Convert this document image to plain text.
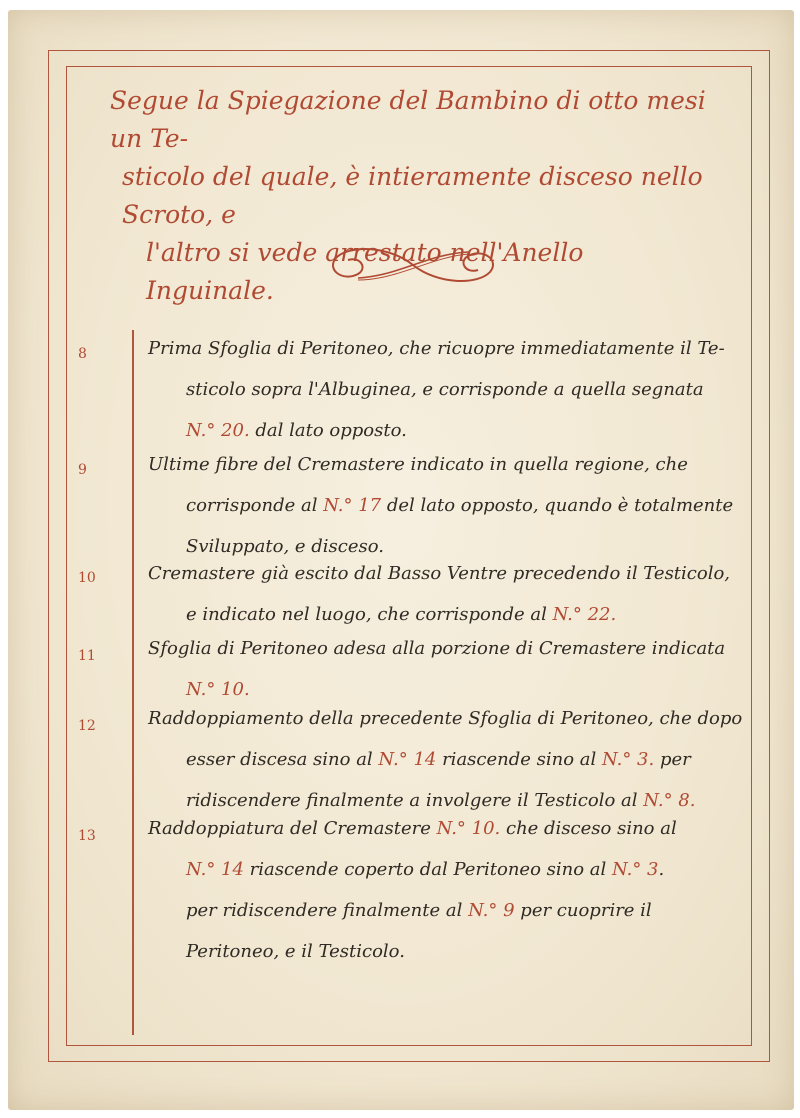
Segue la Spiegazione del Bambino di otto mesi un Te-
sticolo del quale, è intieramente disceso nello Scroto, e
l'altro si vede arrestato nell'Anello Inguinale.
8	Prima Sfoglia di Peritoneo, che ricuopre immediatamente il Te-
sticolo sopra l'Albuginea, e corrisponde a quella segnata
N.° 20. dal lato opposto.
9	Ultime fibre del Cremastere indicato in quella regione, che
corrisponde al N.° 17 del lato opposto, quando è totalmente
Sviluppato, e disceso.
10	Cremastere già escito dal Basso Ventre precedendo il Testicolo,
e indicato nel luogo, che corrisponde al N.° 22.
11	Sfoglia di Peritoneo adesa alla porzione di Cremastere indicata
N.° 10.
12	Raddoppiamento della precedente Sfoglia di Peritoneo, che dopo
esser discesa sino al N.° 14 riascende sino al N.° 3. per
ridiscendere finalmente a involgere il Testicolo al N.° 8.
13	Raddoppiatura del Cremastere N.° 10. che disceso sino al
N.° 14 riascende coperto dal Peritoneo sino al N.° 3.
per ridiscendere finalmente al N.° 9 per cuoprire il
Peritoneo, e il Testicolo.
